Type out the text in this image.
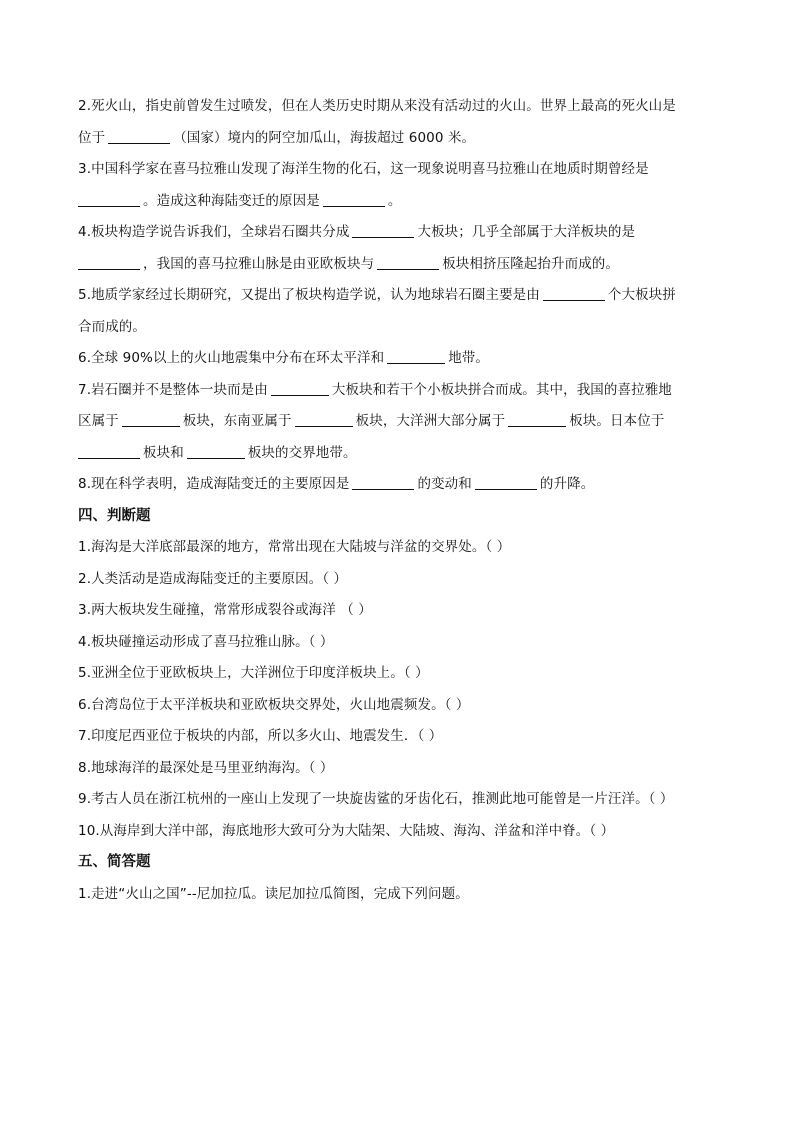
2.死火山，指史前曾发生过喷发，但在人类历史时期从来没有活动过的火山。世界上最高的死火山是
位于	（国家）境内的阿空加瓜山，海拔超过 6000 米。
3.中国科学家在喜马拉雅山发现了海洋生物的化石，这一现象说明喜马拉雅山在地质时期曾经是
。造成这种海陆变迁的原因是	。
4.板块构造学说告诉我们，全球岩石圈共分成	大板块；几乎全部属于大洋板块的是
，我国的喜马拉雅山脉是由亚欧板块与	板块相挤压隆起抬升而成的。
5.地质学家经过长期研究，又提出了板块构造学说，认为地球岩石圈主要是由	个大板块拼
合而成的。
6.全球 90%以上的火山地震集中分布在环太平洋和	地带。
7.岩石圈并不是整体一块而是由	大板块和若干个小板块拼合而成。其中，我国的喜拉雅地
区属于	板块，东南亚属于	板块，大洋洲大部分属于	板块。日本位于
板块和	板块的交界地带。
8.现在科学表明，造成海陆变迁的主要原因是	的变动和	的升降。
四、判断题
1.海沟是大洋底部最深的地方，常常出现在大陆坡与洋盆的交界处。（ ）
2.人类活动是造成海陆变迁的主要原因。（ ）
3.两大板块发生碰撞，常常形成裂谷或海洋 （ ）
4.板块碰撞运动形成了喜马拉雅山脉。（ ）
5.亚洲全位于亚欧板块上，大洋洲位于印度洋板块上。（ ）
6.台湾岛位于太平洋板块和亚欧板块交界处，火山地震频发。（ ）
7.印度尼西亚位于板块的内部，所以多火山、地震发生．（ ）
8.地球海洋的最深处是马里亚纳海沟。（ ）
9.考古人员在浙江杭州的一座山上发现了一块旋齿鲨的牙齿化石，推测此地可能曾是一片汪洋。（ ）
10.从海岸到大洋中部，海底地形大致可分为大陆架、大陆坡、海沟、洋盆和洋中脊。（ ）
五、简答题
1.走进“火山之国”--尼加拉瓜。读尼加拉瓜简图，完成下列问题。
